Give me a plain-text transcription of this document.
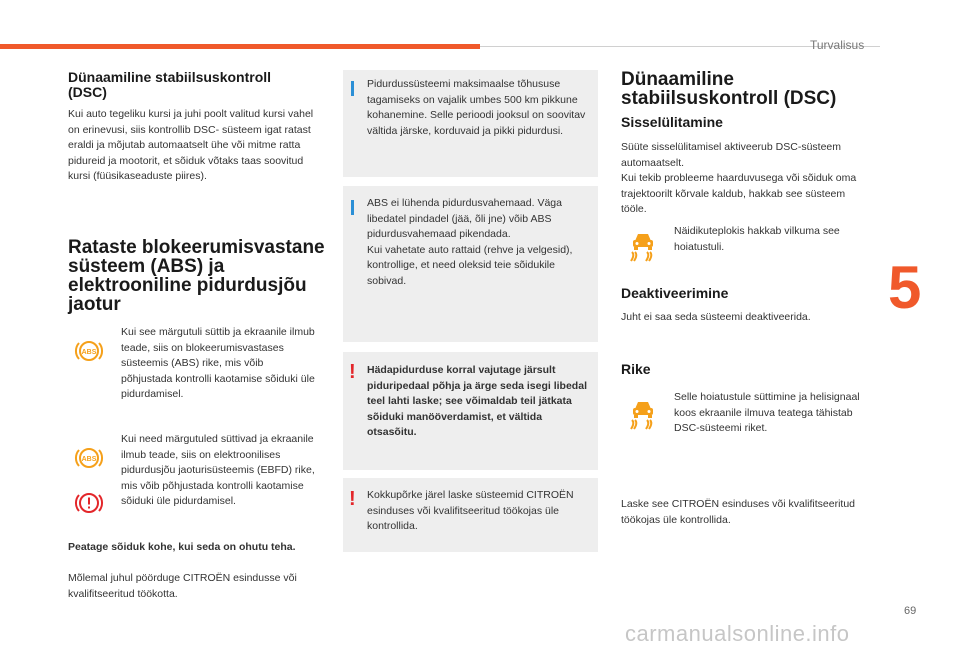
Turvalisus
5
69
carmanualsonline.info
Dünaamiline stabiilsuskontroll
(DSC)

Kui auto tegeliku kursi ja juhi poolt valitud kursi vahel on erinevusi, siis kontrollib DSC- süsteem igat ratast eraldi ja mõjutab automaatselt ühe või mitme ratta pidureid ja mootorit, et sõiduk võtaks taas soovitud kursi (füüsikaseaduste piires).

Rataste blokeerumisvastane süsteem (ABS) ja elektrooniline pidurdusjõu jaotur
ABS

Kui see märgutuli süttib ja ekraanile ilmub teade, siis on blokeerumisvastases süsteemis (ABS) rike, mis võib põhjustada kontrolli kaotamise sõiduki üle pidurdamisel.

ABS

Kui need märgutuled süttivad ja ekraanile ilmub teade, siis on elektroonilises pidurdusjõu jaoturisüsteemis (EBFD) rike, mis võib põhjustada kontrolli kaotamise sõiduki üle pidurdamisel.

Peatage sõiduk kohe, kui seda on ohutu teha.

Mõlemal juhul pöörduge CITROËN esindusse või kvalifitseeritud töökotta.

Pidurdussüsteemi maksimaalse tõhususe tagamiseks on vajalik umbes 500 km pikkune kohanemine. Selle perioodi jooksul on soovitav vältida järske, korduvaid ja pikki pidurdusi.
ABS ei lühenda pidurdusvahemaad. Väga libedatel pindadel (jää, õli jne) võib ABS pidurdusvahemaad pikendada.
Kui vahetate auto rattaid (rehve ja velgesid), kontrollige, et need oleksid teie sõidukile sobivad.
! Hädapidurduse korral vajutage järsult piduripedaal põhja ja ärge seda isegi libedal teel lahti laske; see võimaldab teil jätkata sõiduki manööverdamist, et vältida otsasõitu.
! Kokkupõrke järel laske süsteemid CITROËN esinduses või kvalifitseeritud töökojas üle kontrollida.
Dünaamiline
stabiilsuskontroll (DSC)
Sisselülitamine

Süüte sisselülitamisel aktiveerub DSC-süsteem automaatselt.
Kui tekib probleeme haarduvusega või sõiduk oma trajektoorilt kõrvale kaldub, hakkab see süsteem tööle.

Näidikuteplokis hakkab vilkuma see hoiatustuli.

Deaktiveerimine

Juht ei saa seda süsteemi deaktiveerida.

Rike

Selle hoiatustule süttimine ja helisignaal koos ekraanile ilmuva teatega tähistab DSC-süsteemi riket.

Laske see CITROËN esinduses või kvalifitseeritud töökojas üle kontrollida.
